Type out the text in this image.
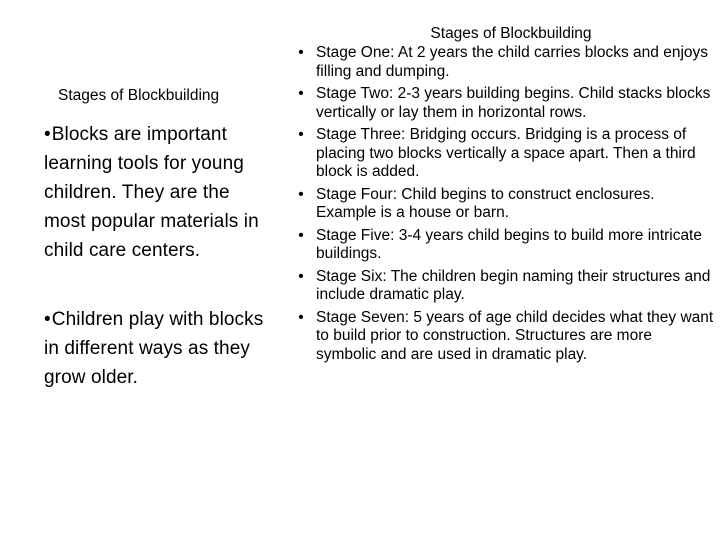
Stages of Blockbuilding

•Blocks are important learning tools for young children. They are the most popular materials in child care centers.

•Children play with blocks in different ways as they grow older.

Stages of Blockbuilding
• Stage One: At 2 years the child carries blocks and enjoys filling and dumping.
• Stage Two: 2-3 years building begins. Child stacks blocks vertically or lay them in horizontal rows.
• Stage Three: Bridging occurs. Bridging is a process of placing two blocks vertically a space apart. Then a third block is added.
• Stage Four: Child begins to construct enclosures. Example is a house or barn.
• Stage Five: 3-4 years child begins to build more intricate buildings.
• Stage Six: The children begin naming their structures and include dramatic play.
• Stage Seven: 5 years of age child decides what they want to build prior to construction. Structures are more symbolic and are used in dramatic play.
